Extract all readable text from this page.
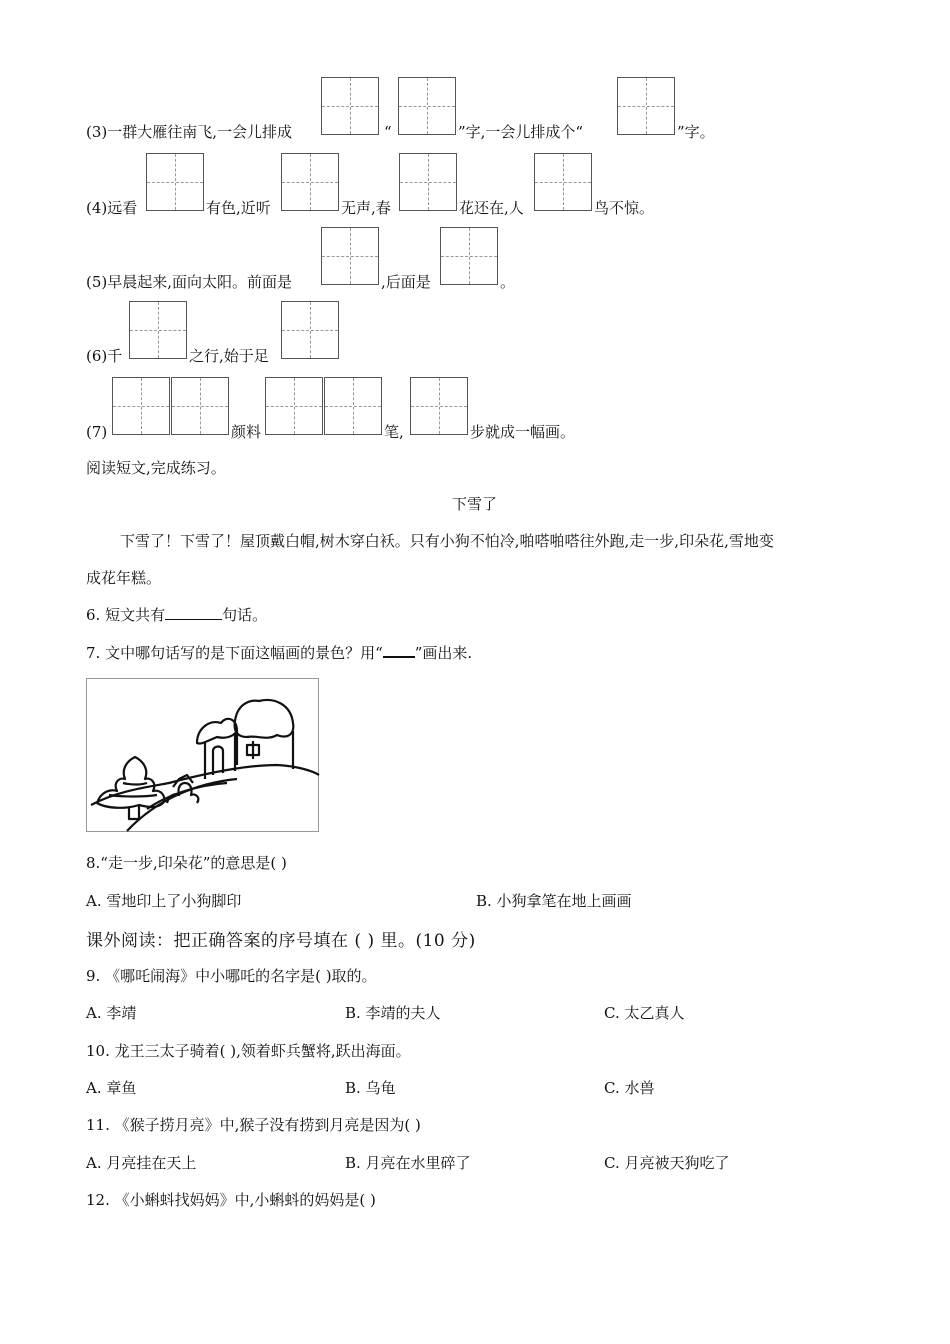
(3)一群大雁往南飞,一会儿排成	“	”字,一会儿排成个“	”字。
(4)远看	有色,近听	无声,春	花还在,人	鸟不惊。
(5)早晨起来,面向太阳。前面是	,后面是	。
(6)千	之行,始于足
(7)	颜料	笔,	步就成一幅画。
阅读短文,完成练习。
下雪了
下雪了！下雪了！屋顶戴白帽,树木穿白袄。只有小狗不怕冷,啪嗒啪嗒往外跑,走一步,印朵花,雪地变
成花年糕。
6. 短文共有	句话。
7. 文中哪句话写的是下面这幅画的景色？用“ ”画出来.
8.“走一步,印朵花”的意思是( )
A. 雪地印上了小狗脚印	B. 小狗拿笔在地上画画
课外阅读：把正确答案的序号填在 ( ) 里。(10 分)
9. 《哪吒闹海》中小哪吒的名字是( )取的。
A. 李靖	B. 李靖的夫人	C. 太乙真人
10. 龙王三太子骑着( ),领着虾兵蟹将,跃出海面。
A. 章鱼	B. 乌龟	C. 水兽
11. 《猴子捞月亮》中,猴子没有捞到月亮是因为( )
A. 月亮挂在天上	B. 月亮在水里碎了	C. 月亮被天狗吃了
12. 《小蝌蚪找妈妈》中,小蝌蚪的妈妈是( )
